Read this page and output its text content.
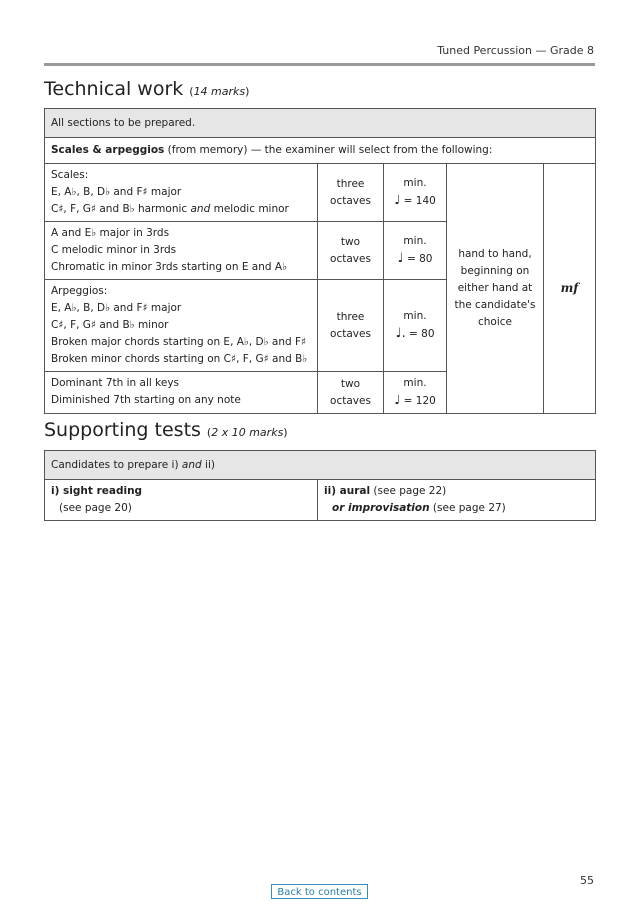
Tuned Percussion — Grade 8
Technical work (14 marks)
All sections to be prepared.				
Scales & arpeggios (from memory) — the examiner will select from the following:				

Scales:
E, A♭, B, D♭ and F♯ major
C♯, F, G♯ and B♭ harmonic and melodic minor	three
octaves	min.
♩ = 140	hand to hand,
beginning on
either hand at
the candidate's
choice	mf

A and E♭ major in 3rds
C melodic minor in 3rds
Chromatic in minor 3rds starting on E and A♭	two
octaves	min.
♩ = 80		

Arpeggios:
E, A♭, B, D♭ and F♯ major
C♯, F, G♯ and B♭ minor
Broken major chords starting on E, A♭, D♭ and F♯
Broken minor chords starting on C♯, F, G♯ and B♭	three
octaves	min.
♩. = 80		

Dominant 7th in all keys
Diminished 7th starting on any note	two
octaves	min.
♩ = 120		
Supporting tests (2 x 10 marks)
Candidates to prepare i) and ii)

i) sight reading
(see page 20)

ii) aural (see page 22)
or improvisation (see page 27)
55
Back to contents
